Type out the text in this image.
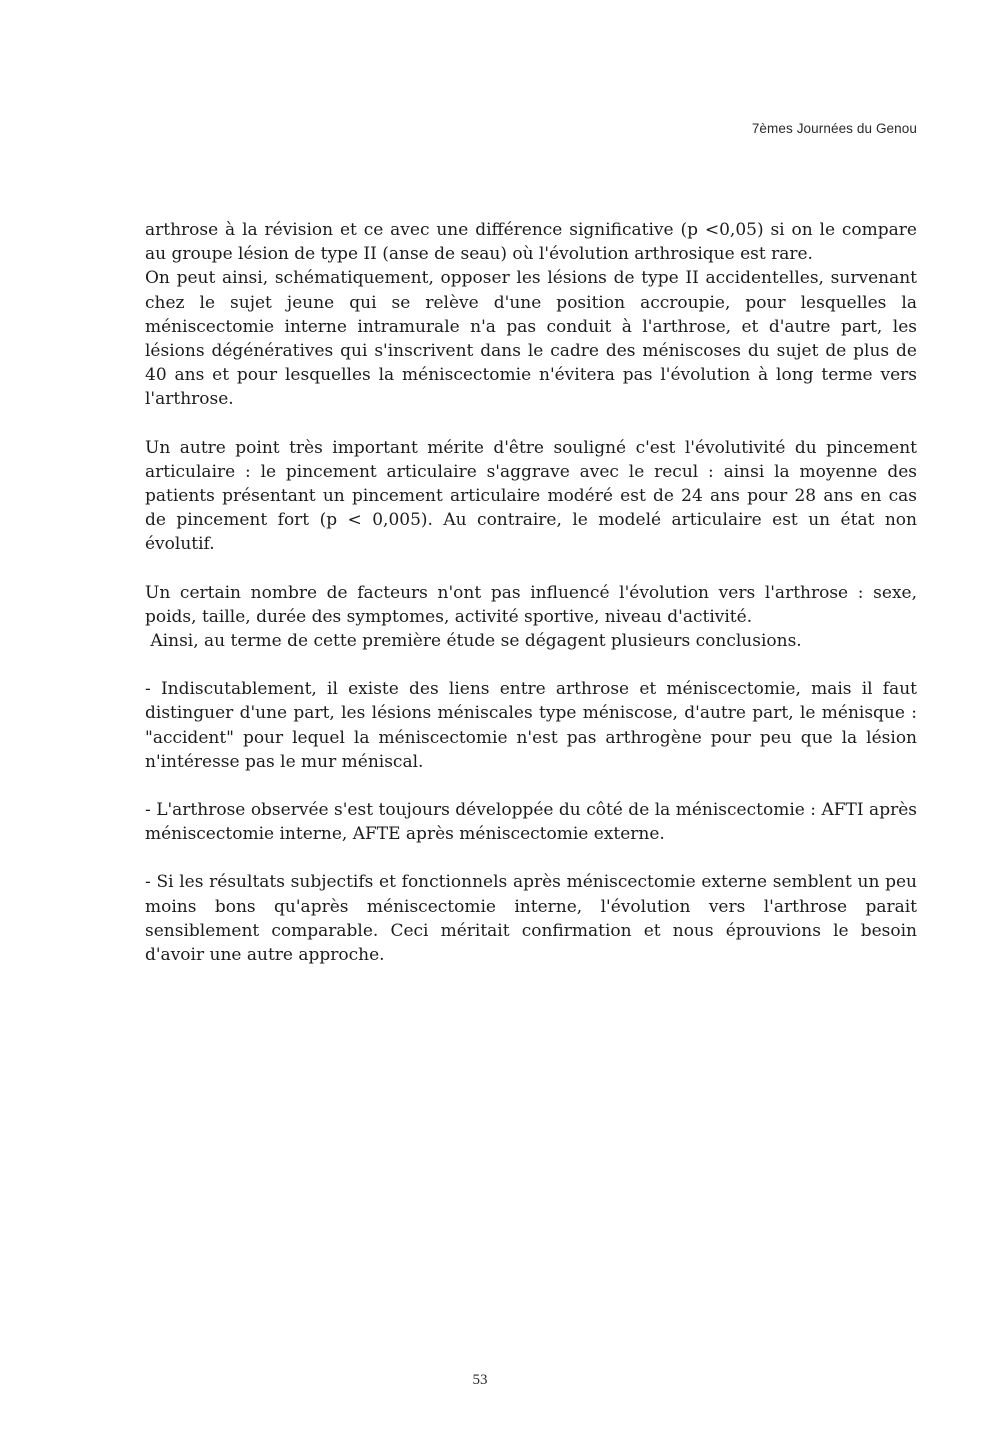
7èmes Journées du Genou

arthrose à la révision et ce avec une différence significative (p <0,05) si on le compare au groupe lésion de type II (anse de seau) où l'évolution arthrosique est rare.

On peut ainsi, schématiquement, opposer les lésions de type II accidentelles, survenant chez le sujet jeune qui se relève d'une position accroupie, pour lesquelles la méniscectomie interne intramurale n'a pas conduit à l'arthrose, et d'autre part, les lésions dégénératives qui s'inscrivent dans le cadre des méniscoses du sujet de plus de 40 ans et pour lesquelles la méniscectomie n'évitera pas l'évolution à long terme vers l'arthrose.

Un autre point très important mérite d'être souligné c'est l'évolutivité du pincement articulaire : le pincement articulaire s'aggrave avec le recul : ainsi la moyenne des patients présentant un pincement articulaire modéré est de 24 ans pour 28 ans en cas de pincement fort (p < 0,005). Au contraire, le modelé articulaire est un état non évolutif.

Un certain nombre de facteurs n'ont pas influencé l'évolution vers l'arthrose : sexe, poids, taille, durée des symptomes, activité sportive, niveau d'activité.

Ainsi, au terme de cette première étude se dégagent plusieurs conclusions.

- Indiscutablement, il existe des liens entre arthrose et méniscectomie, mais il faut distinguer d'une part, les lésions méniscales type méniscose, d'autre part, le ménisque : "accident" pour lequel la méniscectomie n'est pas arthrogène pour peu que la lésion n'intéresse pas le mur méniscal.

- L'arthrose observée s'est toujours développée du côté de la méniscectomie : AFTI après méniscectomie interne, AFTE après méniscectomie externe.

- Si les résultats subjectifs et fonctionnels après méniscectomie externe semblent un peu moins bons qu'après méniscectomie interne, l'évolution vers l'arthrose parait sensiblement comparable. Ceci méritait confirmation et nous éprouvions le besoin d'avoir une autre approche.

53
